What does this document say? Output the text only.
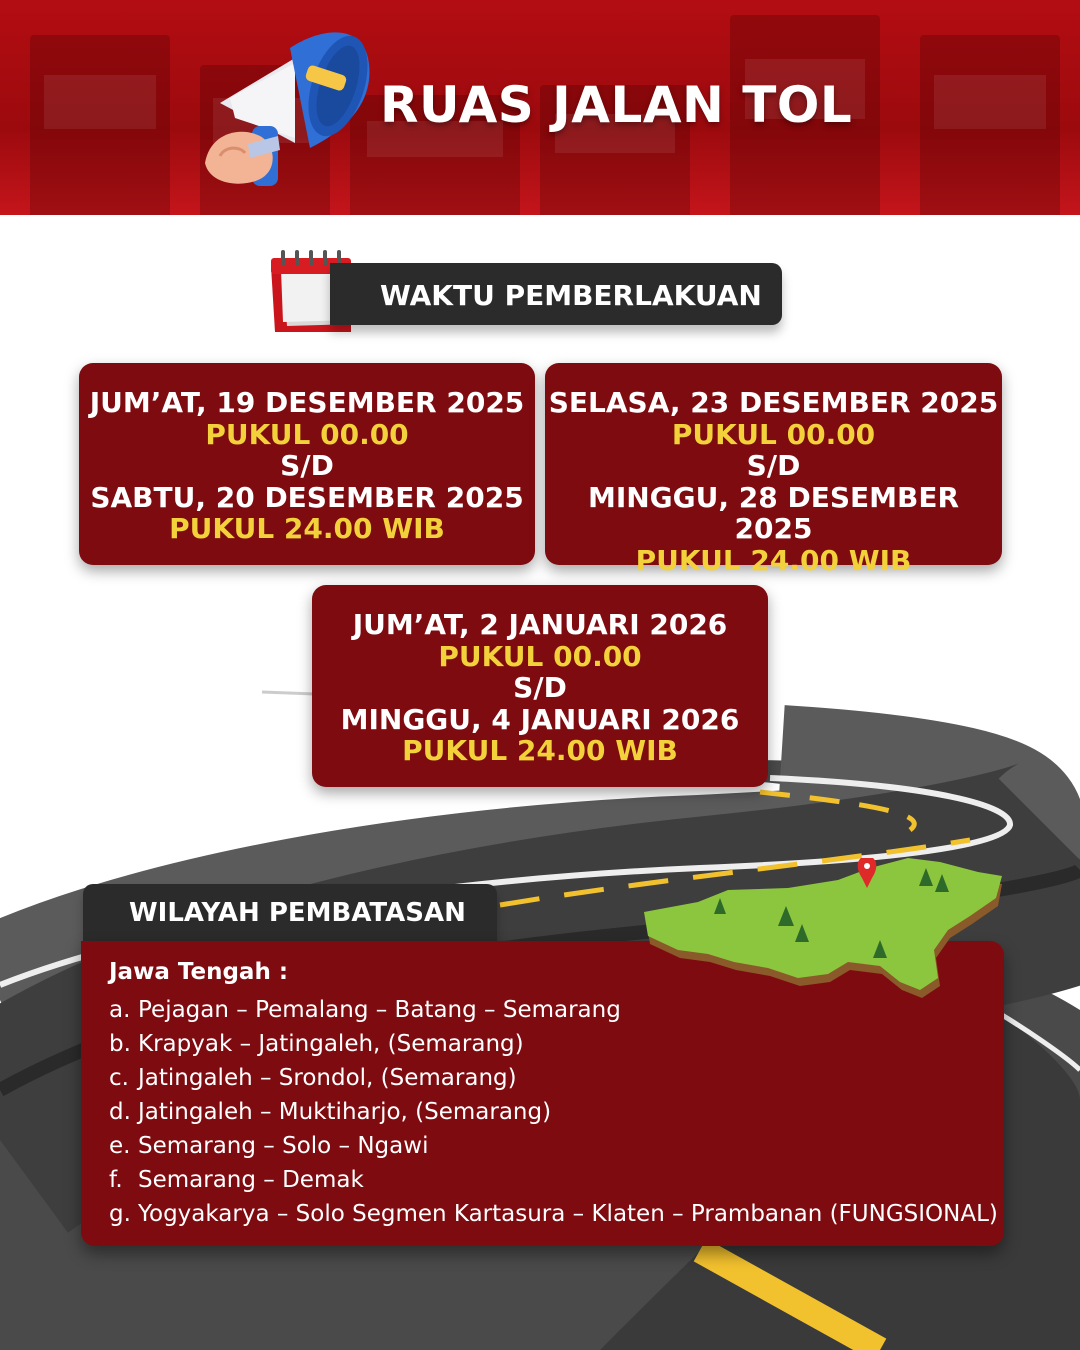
RUAS JALAN TOL
WAKTU PEMBERLAKUAN
JUM’AT, 19 DESEMBER 2025
PUKUL 00.00
S/D
SABTU, 20 DESEMBER 2025
PUKUL 24.00 WIB
SELASA, 23 DESEMBER 2025
PUKUL 00.00
S/D
MINGGU, 28 DESEMBER 2025
PUKUL 24.00 WIB
JUM’AT, 2 JANUARI 2026
PUKUL 00.00
S/D
MINGGU, 4 JANUARI 2026
PUKUL 24.00 WIB
WILAYAH PEMBATASAN
Jawa Tengah :
a. Pejagan – Pemalang – Batang – Semarang
b. Krapyak – Jatingaleh, (Semarang)
c. Jatingaleh – Srondol, (Semarang)
d. Jatingaleh – Muktiharjo, (Semarang)
e. Semarang – Solo – Ngawi
f. Semarang – Demak
g. Yogyakarya – Solo Segmen Kartasura – Klaten – Prambanan (FUNGSIONAL)
